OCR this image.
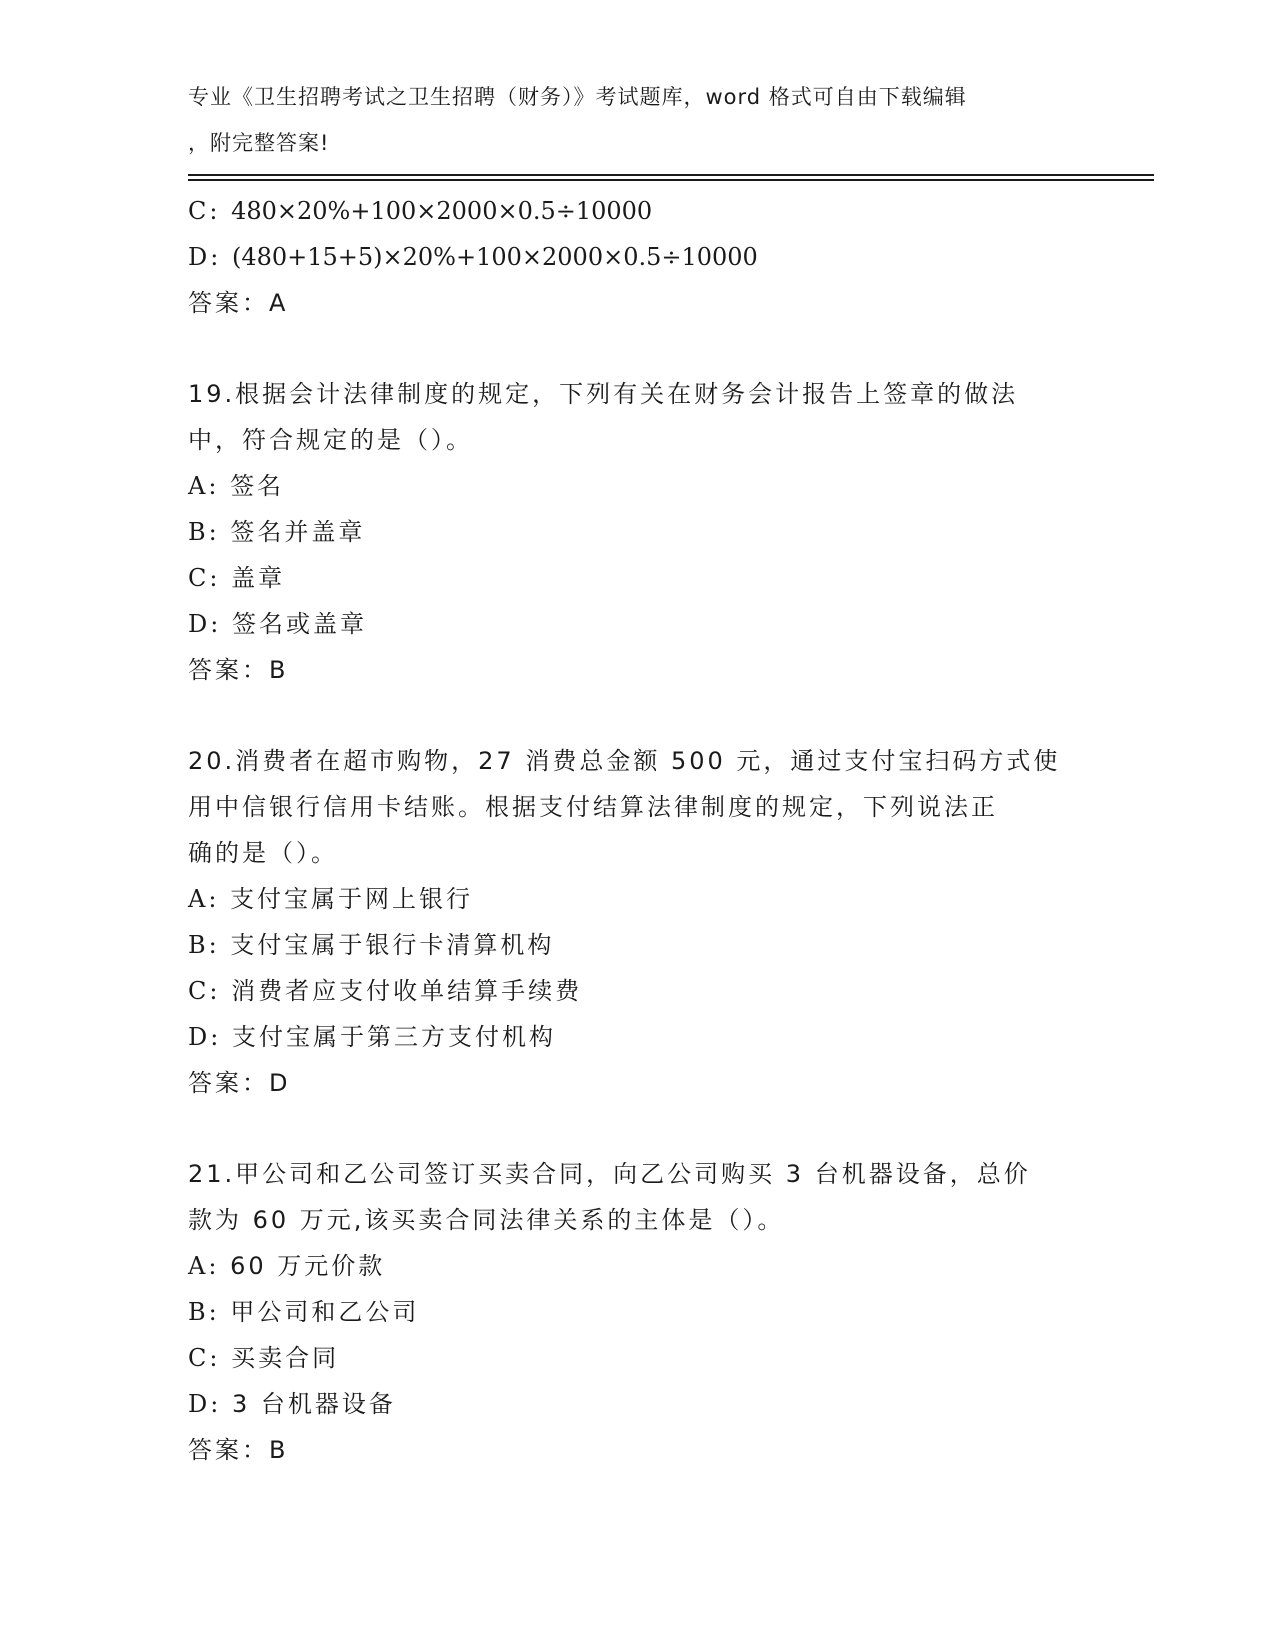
专业《卫生招聘考试之卫生招聘（财务）》考试题库，word 格式可自由下载编辑
，附完整答案!
C: 480×20%+100×2000×0.5÷10000
D: (480+15+5)×20%+100×2000×0.5÷10000
答案：A
19.根据会计法律制度的规定，下列有关在财务会计报告上签章的做法
中，符合规定的是（）。
A: 签名
B: 签名并盖章
C: 盖章
D: 签名或盖章
答案：B
20.消费者在超市购物，27 消费总金额 500 元，通过支付宝扫码方式使
用中信银行信用卡结账。根据支付结算法律制度的规定，下列说法正
确的是（）。
A: 支付宝属于网上银行
B: 支付宝属于银行卡清算机构
C: 消费者应支付收单结算手续费
D: 支付宝属于第三方支付机构
答案：D
21.甲公司和乙公司签订买卖合同，向乙公司购买 3 台机器设备，总价
款为 60 万元,该买卖合同法律关系的主体是（）。
A: 60 万元价款
B: 甲公司和乙公司
C: 买卖合同
D: 3 台机器设备
答案：B
